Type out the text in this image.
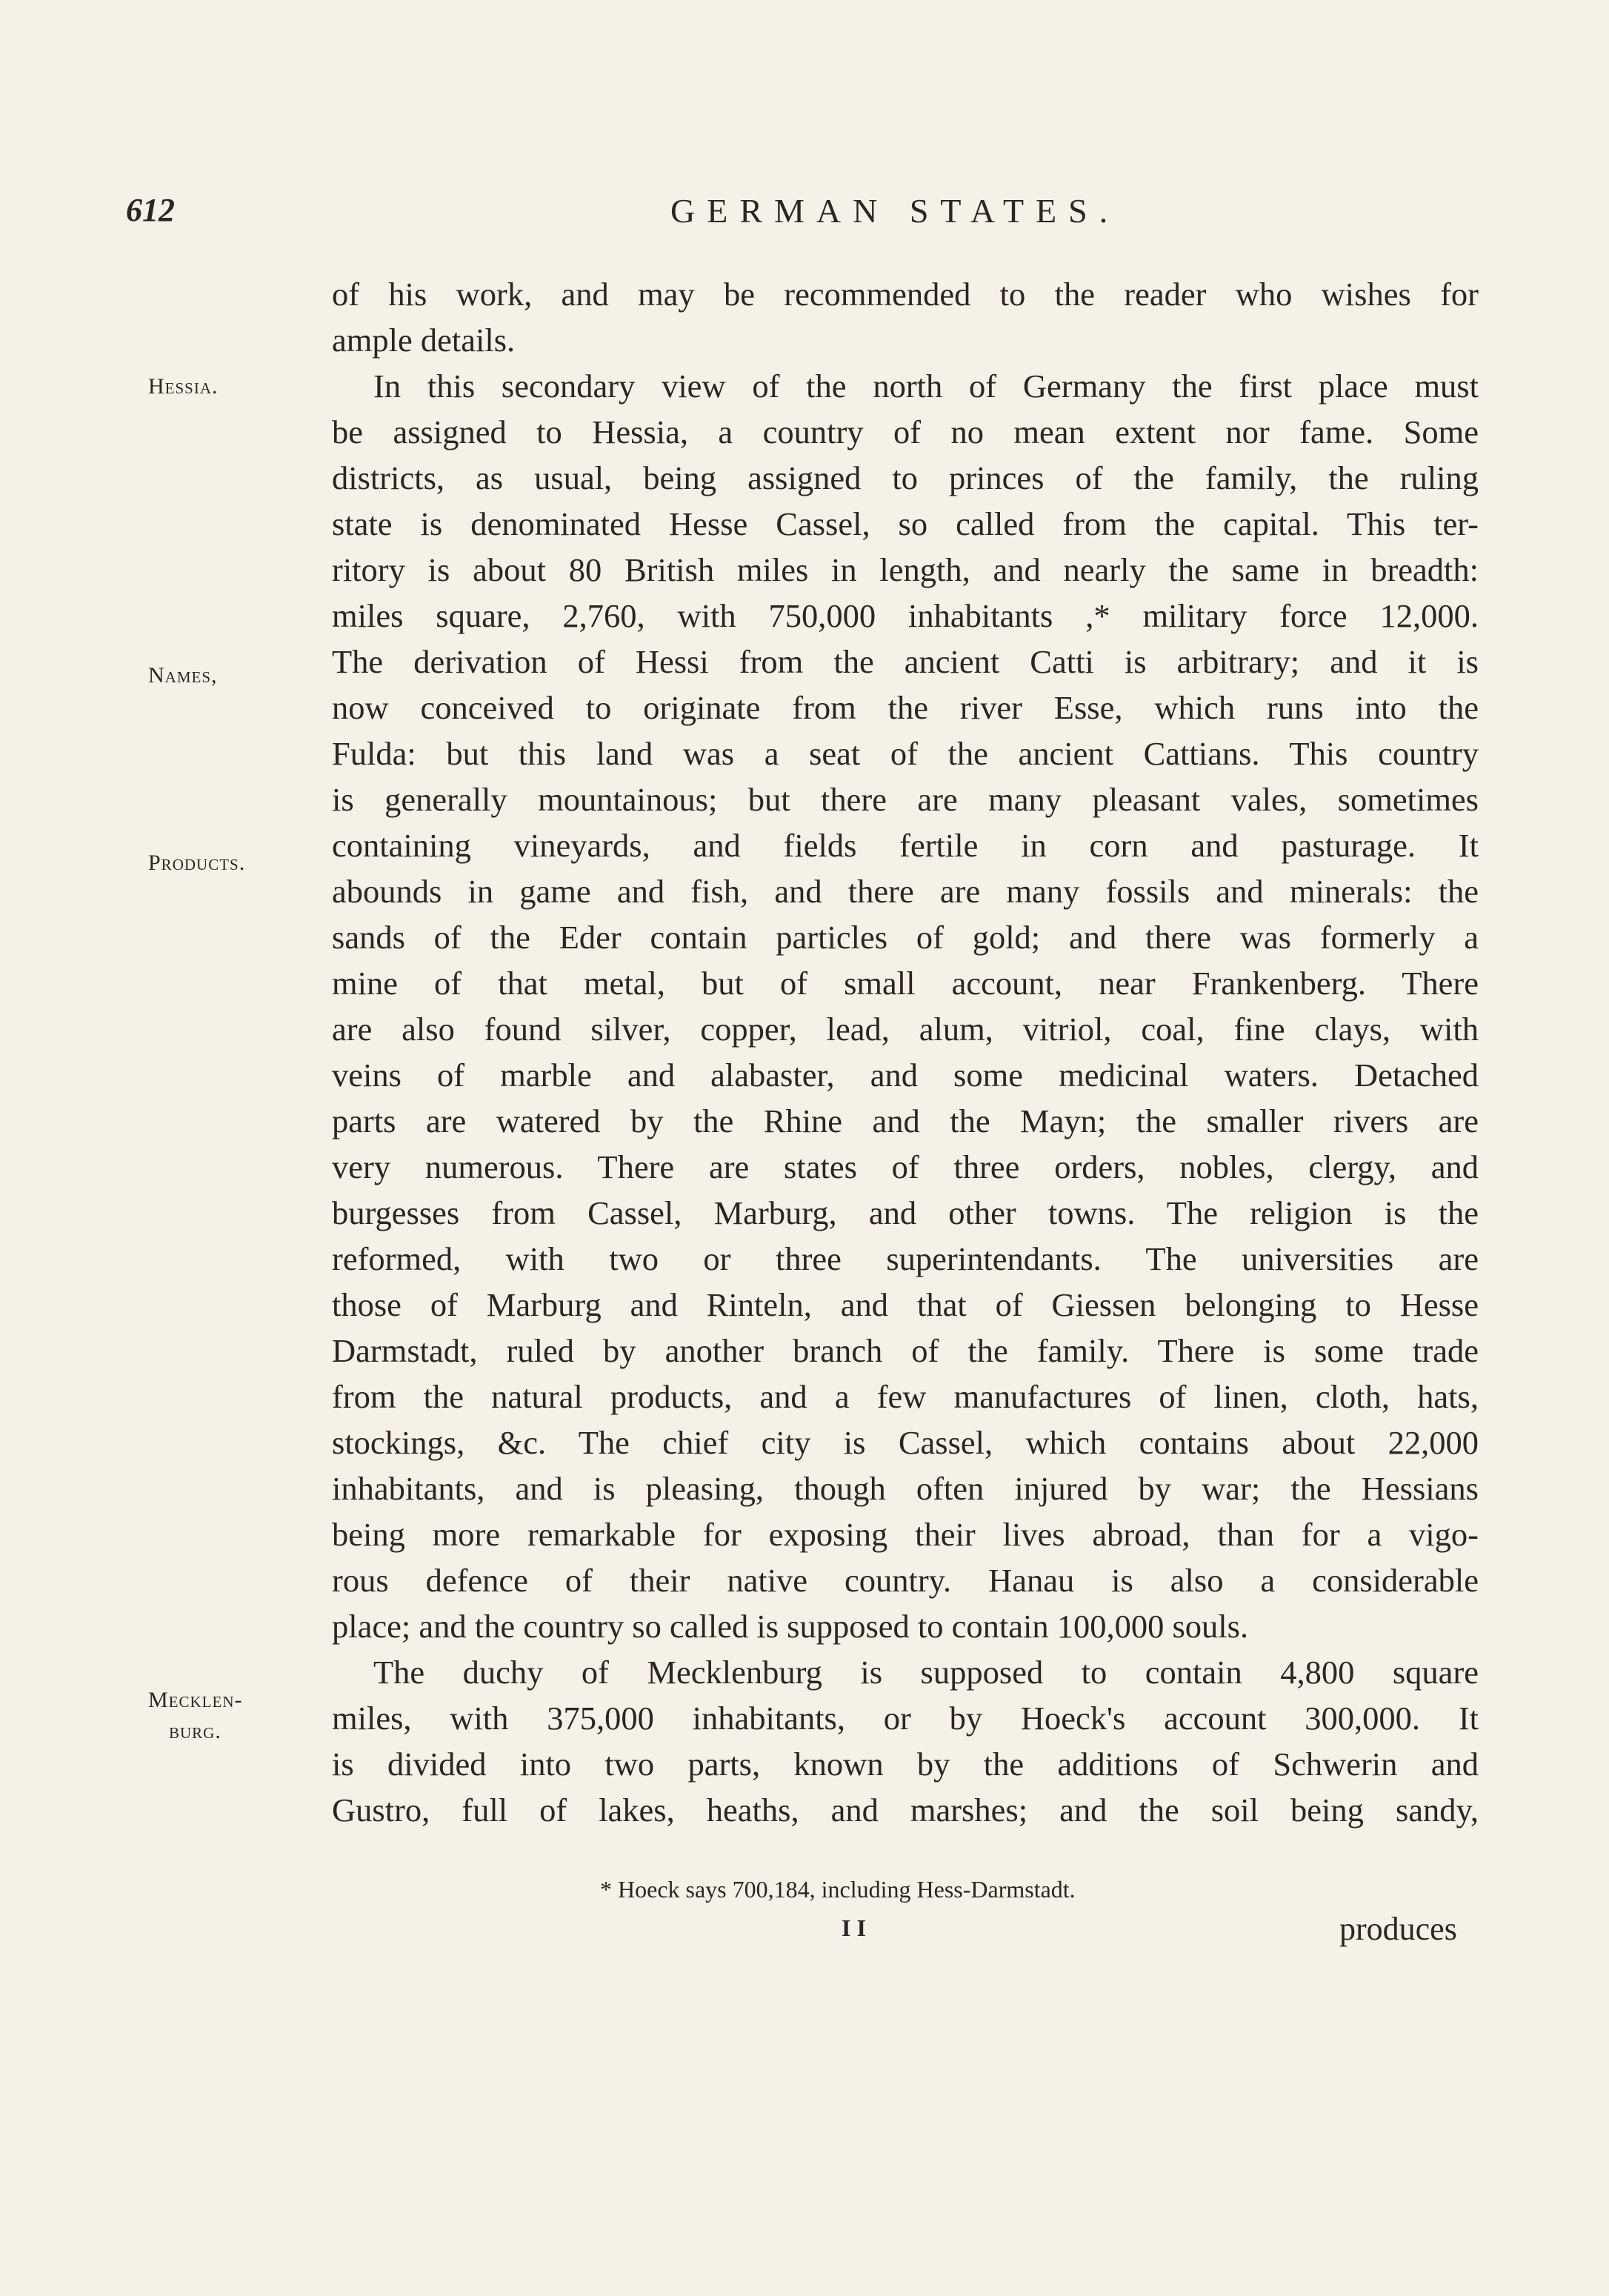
612	GERMAN STATES.
Hessia.
Names,
Products.
Mecklen-
burg.
of his work, and may be recommended to the reader who wishes for
ample details.
In this secondary view of the north of Germany the first place must
be assigned to Hessia, a country of no mean extent nor fame. Some
districts, as usual, being assigned to princes of the family, the ruling
state is denominated Hesse Cassel, so called from the capital. This ter-
ritory is about 80 British miles in length, and nearly the same in breadth:
miles square, 2,760, with 750,000 inhabitants ,* military force 12,000.
The derivation of Hessi from the ancient Catti is arbitrary; and it is
now conceived to originate from the river Esse, which runs into the
Fulda: but this land was a seat of the ancient Cattians. This country
is generally mountainous; but there are many pleasant vales, sometimes
containing vineyards, and fields fertile in corn and pasturage. It
abounds in game and fish, and there are many fossils and minerals: the
sands of the Eder contain particles of gold; and there was formerly a
mine of that metal, but of small account, near Frankenberg. There
are also found silver, copper, lead, alum, vitriol, coal, fine clays, with
veins of marble and alabaster, and some medicinal waters. Detached
parts are watered by the Rhine and the Mayn; the smaller rivers are
very numerous. There are states of three orders, nobles, clergy, and
burgesses from Cassel, Marburg, and other towns. The religion is the
reformed, with two or three superintendants. The universities are
those of Marburg and Rinteln, and that of Giessen belonging to Hesse
Darmstadt, ruled by another branch of the family. There is some trade
from the natural products, and a few manufactures of linen, cloth, hats,
stockings, &c. The chief city is Cassel, which contains about 22,000
inhabitants, and is pleasing, though often injured by war; the Hessians
being more remarkable for exposing their lives abroad, than for a vigo-
rous defence of their native country. Hanau is also a considerable
place; and the country so called is supposed to contain 100,000 souls.
The duchy of Mecklenburg is supposed to contain 4,800 square
miles, with 375,000 inhabitants, or by Hoeck's account 300,000. It
is divided into two parts, known by the additions of Schwerin and
Gustro, full of lakes, heaths, and marshes; and the soil being sandy,
* Hoeck says 700,184, including Hess-Darmstadt.
I I	produces
